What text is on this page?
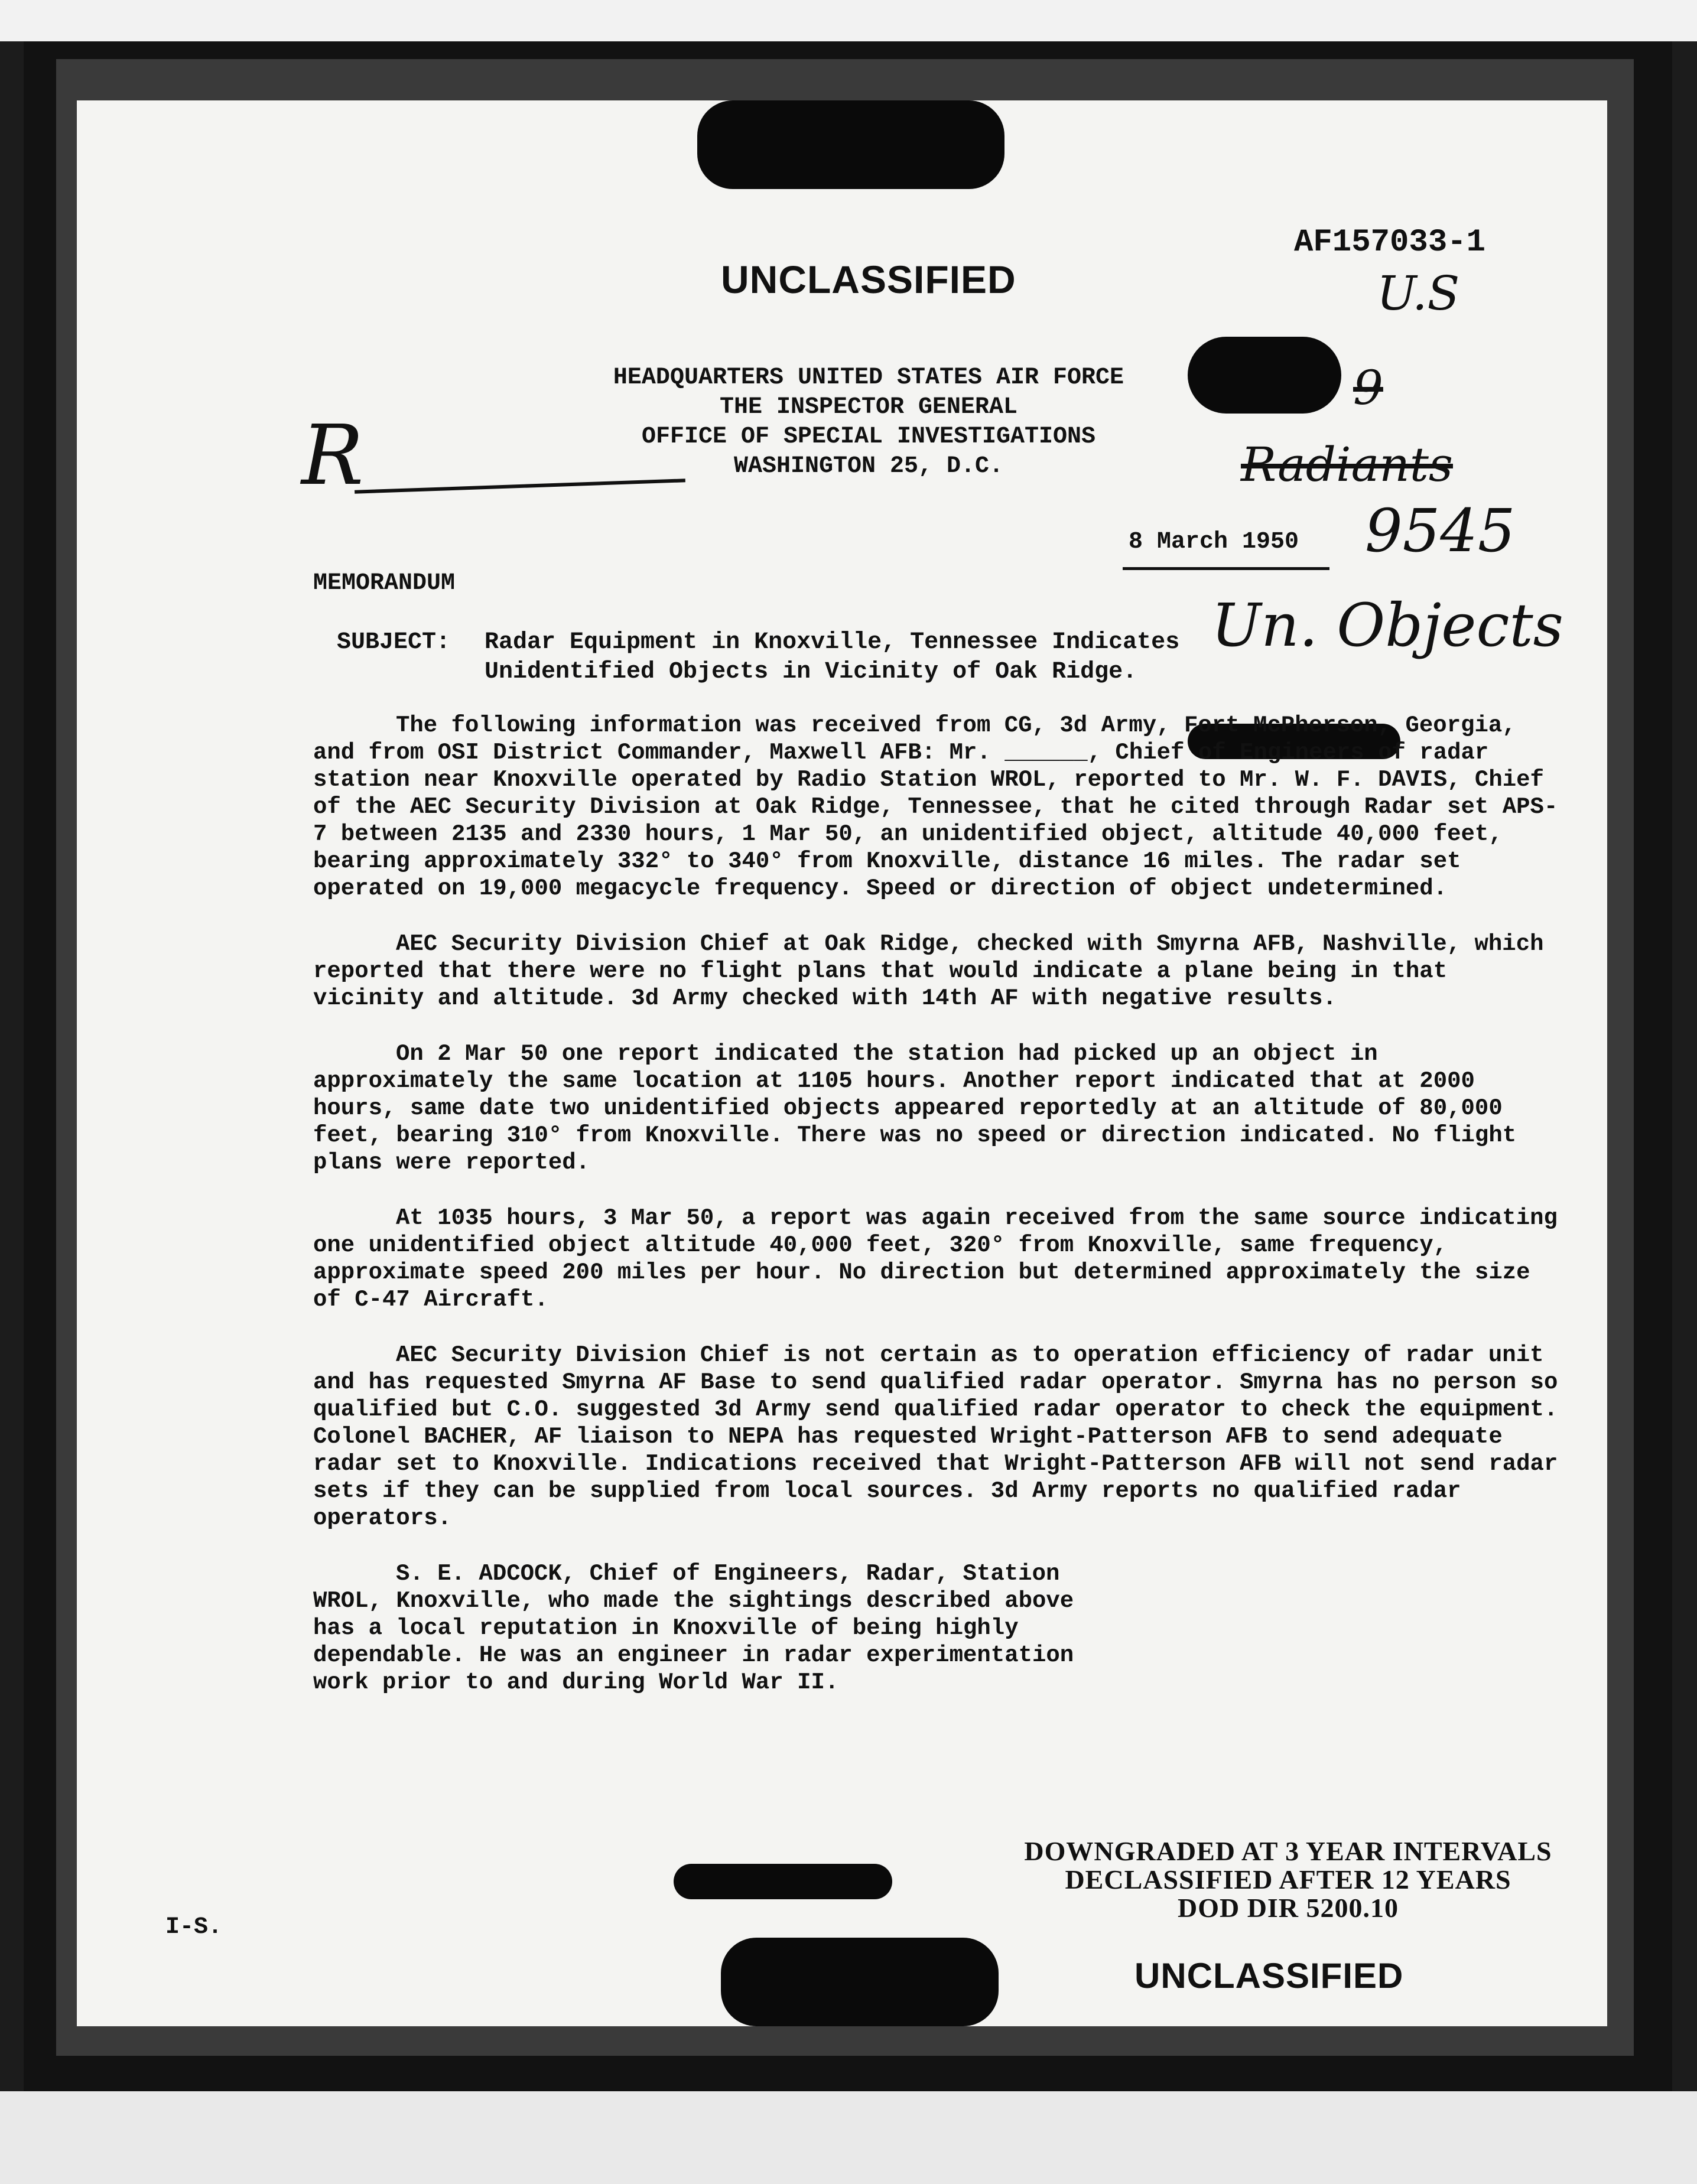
UNCLASSIFIED
AF157033-1
U.S
Radiants
9
9545
Un. Objects
R
HEADQUARTERS UNITED STATES AIR FORCE
THE INSPECTOR GENERAL
OFFICE OF SPECIAL INVESTIGATIONS
WASHINGTON 25, D.C.
8 March 1950
MEMORANDUM
SUBJECT: Radar Equipment in Knoxville, Tennessee Indicates
Unidentified Objects in Vicinity of Oak Ridge.

The following information was received from CG, 3d Army, Fort McPherson, Georgia, and from OSI District Commander, Maxwell AFB: Mr. ______, Chief of Engineers of radar station near Knoxville operated by Radio Station WROL, reported to Mr. W. F. DAVIS, Chief of the AEC Security Division at Oak Ridge, Tennessee, that he cited through Radar set APS-7 between 2135 and 2330 hours, 1 Mar 50, an unidentified object, altitude 40,000 feet, bearing approximately 332° to 340° from Knoxville, distance 16 miles. The radar set operated on 19,000 megacycle frequency. Speed or direction of object undetermined.

AEC Security Division Chief at Oak Ridge, checked with Smyrna AFB, Nashville, which reported that there were no flight plans that would indicate a plane being in that vicinity and altitude. 3d Army checked with 14th AF with negative results.

On 2 Mar 50 one report indicated the station had picked up an object in approximately the same location at 1105 hours. Another report indicated that at 2000 hours, same date two unidentified objects appeared reportedly at an altitude of 80,000 feet, bearing 310° from Knoxville. There was no speed or direction indicated. No flight plans were reported.

At 1035 hours, 3 Mar 50, a report was again received from the same source indicating one unidentified object altitude 40,000 feet, 320° from Knoxville, same frequency, approximate speed 200 miles per hour. No direction but determined approximately the size of C-47 Aircraft.

AEC Security Division Chief is not certain as to operation efficiency of radar unit and has requested Smyrna AF Base to send qualified radar operator. Smyrna has no person so qualified but C.O. suggested 3d Army send qualified radar operator to check the equipment. Colonel BACHER, AF liaison to NEPA has requested Wright-Patterson AFB to send adequate radar set to Knoxville. Indications received that Wright-Patterson AFB will not send radar sets if they can be supplied from local sources. 3d Army reports no qualified radar operators.

S. E. ADCOCK, Chief of Engineers, Radar, Station WROL, Knoxville, who made the sightings described above has a local reputation in Knoxville of being highly dependable. He was an engineer in radar experimentation work prior to and during World War II.

DOWNGRADED AT 3 YEAR INTERVALS
DECLASSIFIED AFTER 12 YEARS
DOD DIR 5200.10
I-S.
UNCLASSIFIED
